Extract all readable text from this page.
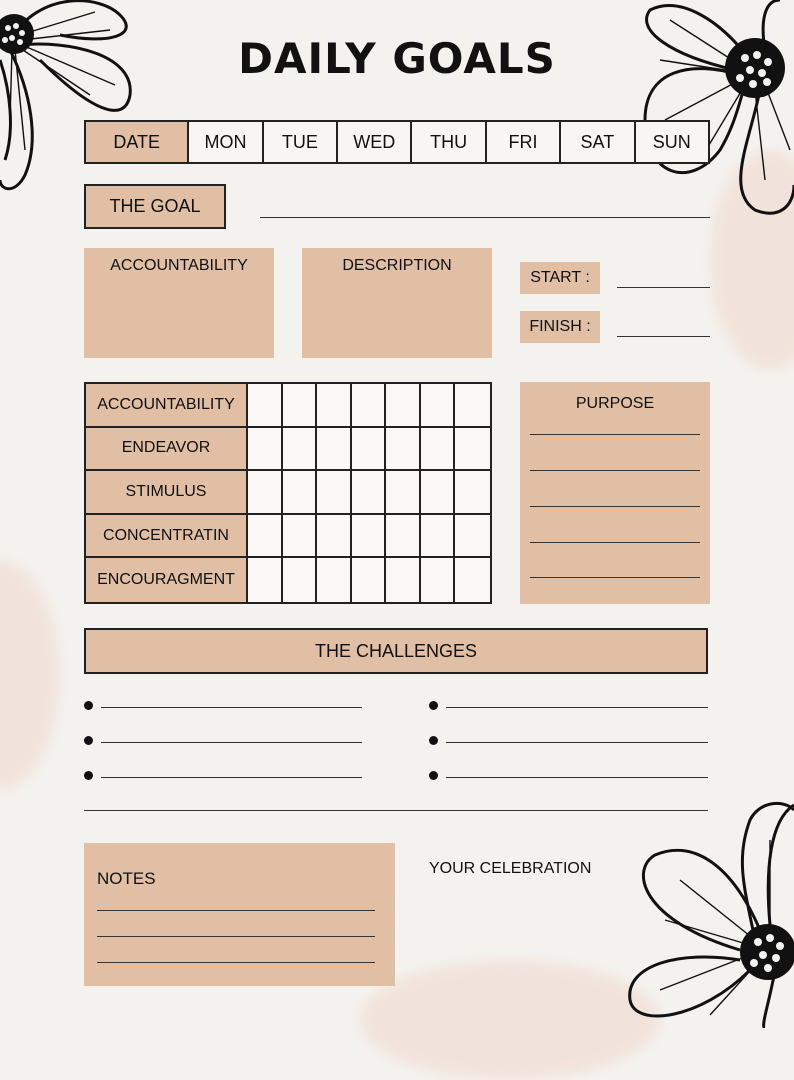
DAILY GOALS
DATE	MON	TUE	WED	THU	FRI	SAT	SUN
THE GOAL
ACCOUNTABILITY	DESCRIPTION
START :
FINISH :
ACCOUNTABILITY
ENDEAVOR
STIMULUS
CONCENTRATIN
ENCOURAGMENT
PURPOSE
THE CHALLENGES
NOTES
YOUR CELEBRATION
